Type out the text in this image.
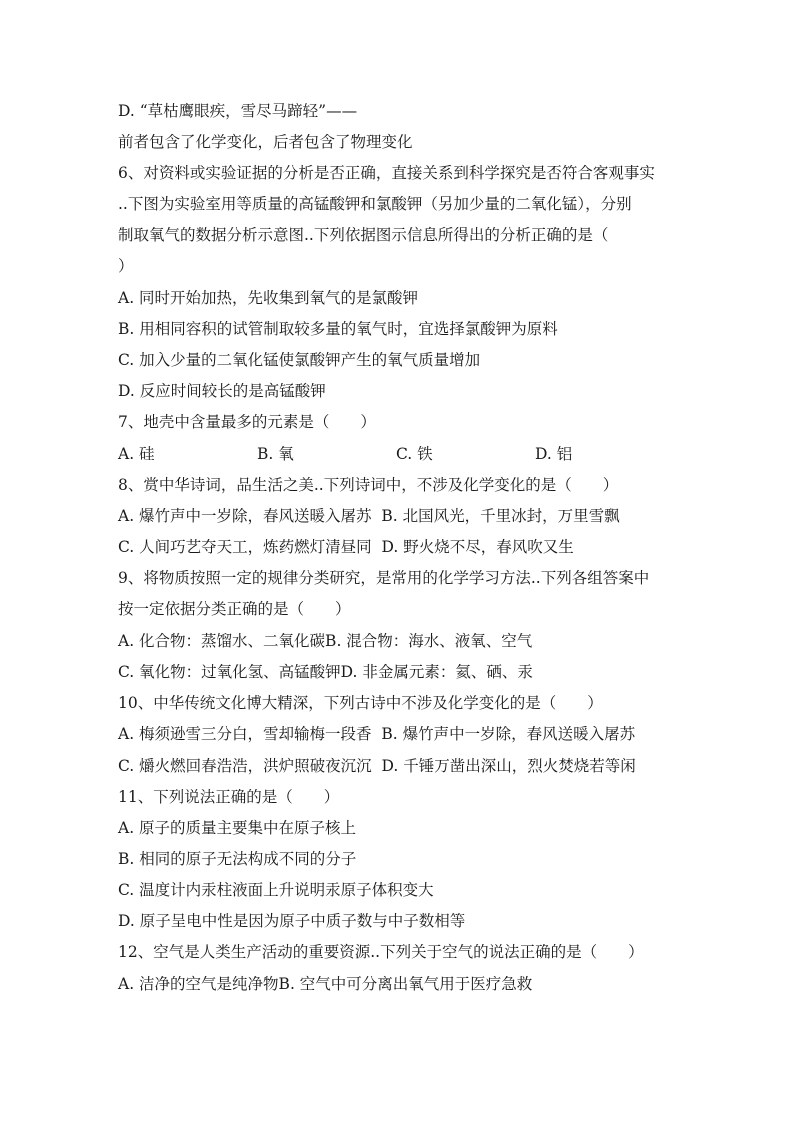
D. “草枯鹰眼疾，雪尽马蹄轻”——
前者包含了化学变化，后者包含了物理变化
6、对资料或实验证据的分析是否正确，直接关系到科学探究是否符合客观事实
..下图为实验室用等质量的高锰酸钾和氯酸钾（另加少量的二氧化锰），分别
制取氧气的数据分析示意图..下列依据图示信息所得出的分析正确的是（
）
A. 同时开始加热，先收集到氧气的是氯酸钾
B. 用相同容积的试管制取较多量的氧气时，宜选择氯酸钾为原料
C. 加入少量的二氧化锰使氯酸钾产生的氧气质量增加
D. 反应时间较长的是高锰酸钾
7、地壳中含量最多的元素是（　　）
A. 硅	B. 氧	C. 铁	D. 铝
8、赏中华诗词，品生活之美..下列诗词中，不涉及化学变化的是（　　）
A. 爆竹声中一岁除，春风送暖入屠苏  B. 北国风光，千里冰封，万里雪飘
C. 人间巧艺夺天工，炼药燃灯清昼同  D. 野火烧不尽，春风吹又生
9、将物质按照一定的规律分类研究，是常用的化学学习方法..下列各组答案中
按一定依据分类正确的是（　　）
A. 化合物：蒸馏水、二氧化碳B. 混合物：海水、液氧、空气
C. 氧化物：过氧化氢、高锰酸钾D. 非金属元素：氦、硒、汞
10、中华传统文化博大精深，下列古诗中不涉及化学变化的是（　　）
A. 梅须逊雪三分白，雪却输梅一段香  B. 爆竹声中一岁除，春风送暖入屠苏
C. 爝火燃回春浩浩，洪炉照破夜沉沉  D. 千锤万凿出深山，烈火焚烧若等闲
11、下列说法正确的是（　　）
A. 原子的质量主要集中在原子核上
B. 相同的原子无法构成不同的分子
C. 温度计内汞柱液面上升说明汞原子体积变大
D. 原子呈电中性是因为原子中质子数与中子数相等
12、空气是人类生产活动的重要资源..下列关于空气的说法正确的是（　　）
A. 洁净的空气是纯净物B. 空气中可分离出氧气用于医疗急救
